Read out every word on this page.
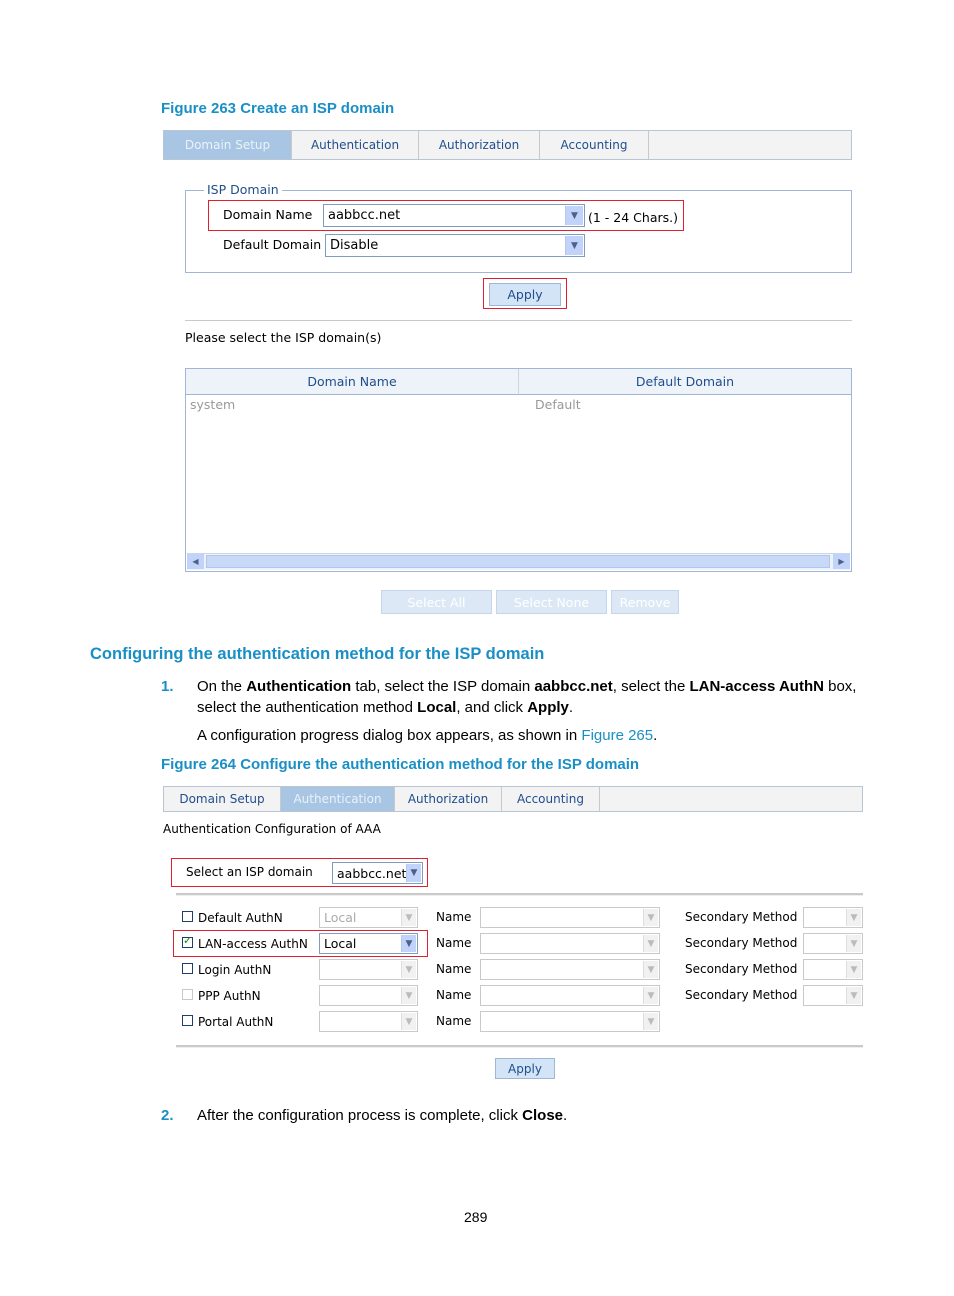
Figure 263 Create an ISP domain
Domain Setup	Authentication	Authorization	Accounting
ISP Domain
Domain Name aabbcc.net	▼ (1 - 24 Chars.)
Default Domain Disable	▼
Apply
Please select the ISP domain(s)
Domain Name	Default Domain
system	Default
◀	▶
Select All	Select None	Remove
Configuring the authentication method for the ISP domain
1. On the Authentication tab, select the ISP domain aabbcc.net, select the LAN-access AuthN box,
select the authentication method Local, and click Apply.
A configuration progress dialog box appears, as shown in Figure 265.
Figure 264 Configure the authentication method for the ISP domain
Domain Setup	Authentication	Authorization	Accounting
Authentication Configuration of AAA
Select an ISP domain aabbcc.net ▼
Default AuthN	Local	▼ Name	▼	Secondary Method	▼
✓
LAN-access AuthN Local	▼ Name	▼	Secondary Method	▼
Login AuthN	▼ Name	▼	Secondary Method	▼
PPP AuthN	▼ Name	▼	Secondary Method	▼
Portal AuthN	▼ Name	▼
Apply
2. After the configuration process is complete, click Close.
289
